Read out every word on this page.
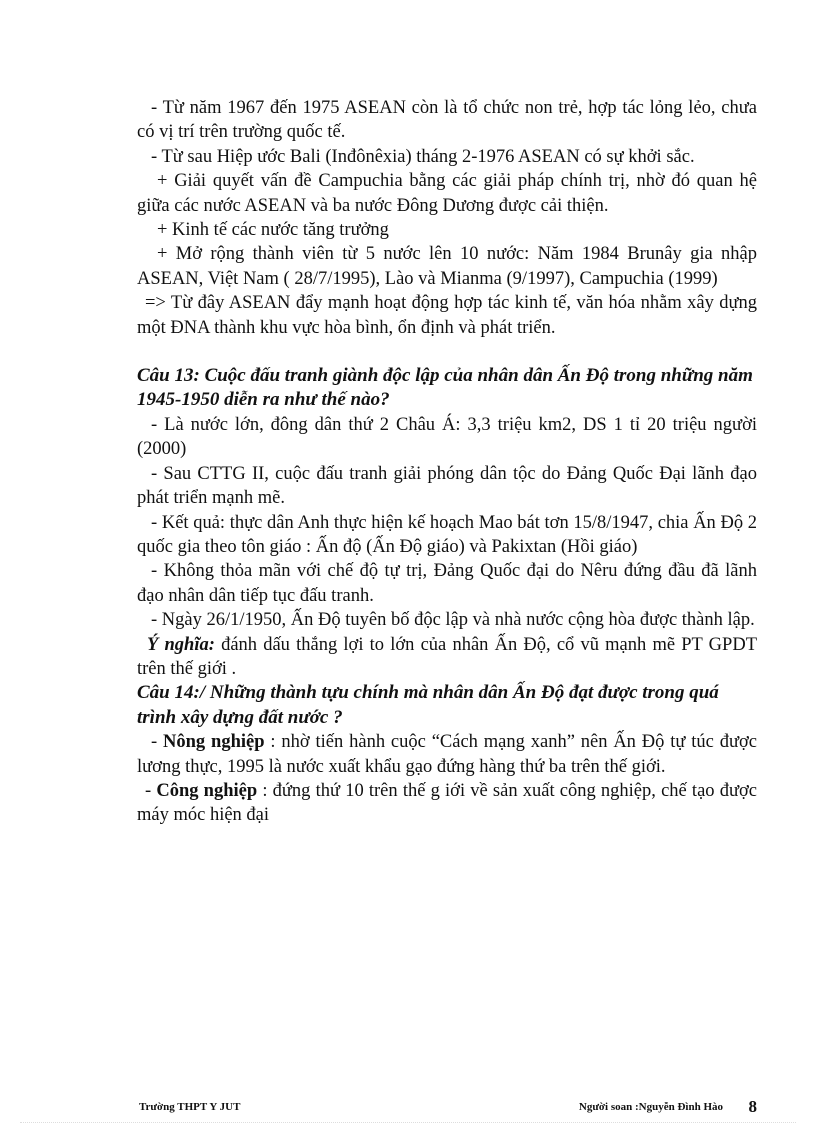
- Từ năm 1967 đến 1975 ASEAN còn là tổ chức non trẻ, hợp tác lỏng lẻo, chưa có vị trí trên trường quốc tế.

- Từ sau Hiệp ước Bali (Inđônêxia) tháng 2-1976 ASEAN có sự khởi sắc.

+ Giải quyết vấn đề Campuchia bằng các giải pháp chính trị, nhờ đó quan hệ giữa các nước ASEAN và ba nước Đông Dương được cải thiện.

+ Kinh tế các nước tăng trưởng

+ Mở rộng thành viên từ 5 nước lên 10 nước: Năm 1984 Brunây gia nhập ASEAN, Việt Nam ( 28/7/1995), Lào và Mianma (9/1997), Campuchia (1999)

=> Từ đây ASEAN đẩy mạnh hoạt động hợp tác kinh tế, văn hóa nhằm xây dựng một ĐNA thành khu vực hòa bình, ổn định và phát triển.

Câu 13: Cuộc đấu tranh giành độc lập của nhân dân Ấn Độ trong những năm 1945-1950 diễn ra như thế nào?

- Là nước lớn, đông dân thứ 2 Châu Á: 3,3 triệu km2, DS 1 tỉ 20 triệu người (2000)

- Sau CTTG II, cuộc đấu tranh giải phóng dân tộc do Đảng Quốc Đại lãnh đạo phát triển mạnh mẽ.

- Kết quả: thực dân Anh thực hiện kế hoạch Mao bát tơn 15/8/1947, chia Ấn Độ 2 quốc gia theo tôn giáo : Ấn độ (Ấn Độ giáo) và Pakixtan (Hồi giáo)

- Không thỏa mãn với chế độ tự trị, Đảng Quốc đại do Nêru đứng đầu đã lãnh đạo nhân dân tiếp tục đấu tranh.

- Ngày 26/1/1950, Ấn Độ tuyên bố độc lập và nhà nước cộng hòa được thành lập.

Ý nghĩa: đánh dấu thắng lợi to lớn của nhân Ấn Độ, cổ vũ mạnh mẽ PT GPDT trên thế giới .

Câu 14:/ Những thành tựu chính mà nhân dân Ấn Độ đạt được trong quá trình xây dựng đất nước ?

- Nông nghiệp : nhờ tiến hành cuộc “Cách mạng xanh” nên Ấn Độ tự túc được lương thực, 1995 là nước xuất khẩu gạo đứng hàng thứ ba trên thế giới.

- Công nghiệp : đứng thứ 10 trên thế g iới về sản xuất công nghiệp, chế tạo được máy móc hiện đại

Trường THPT Y JUT	Người soan :Nguyễn Đình Hào 8
